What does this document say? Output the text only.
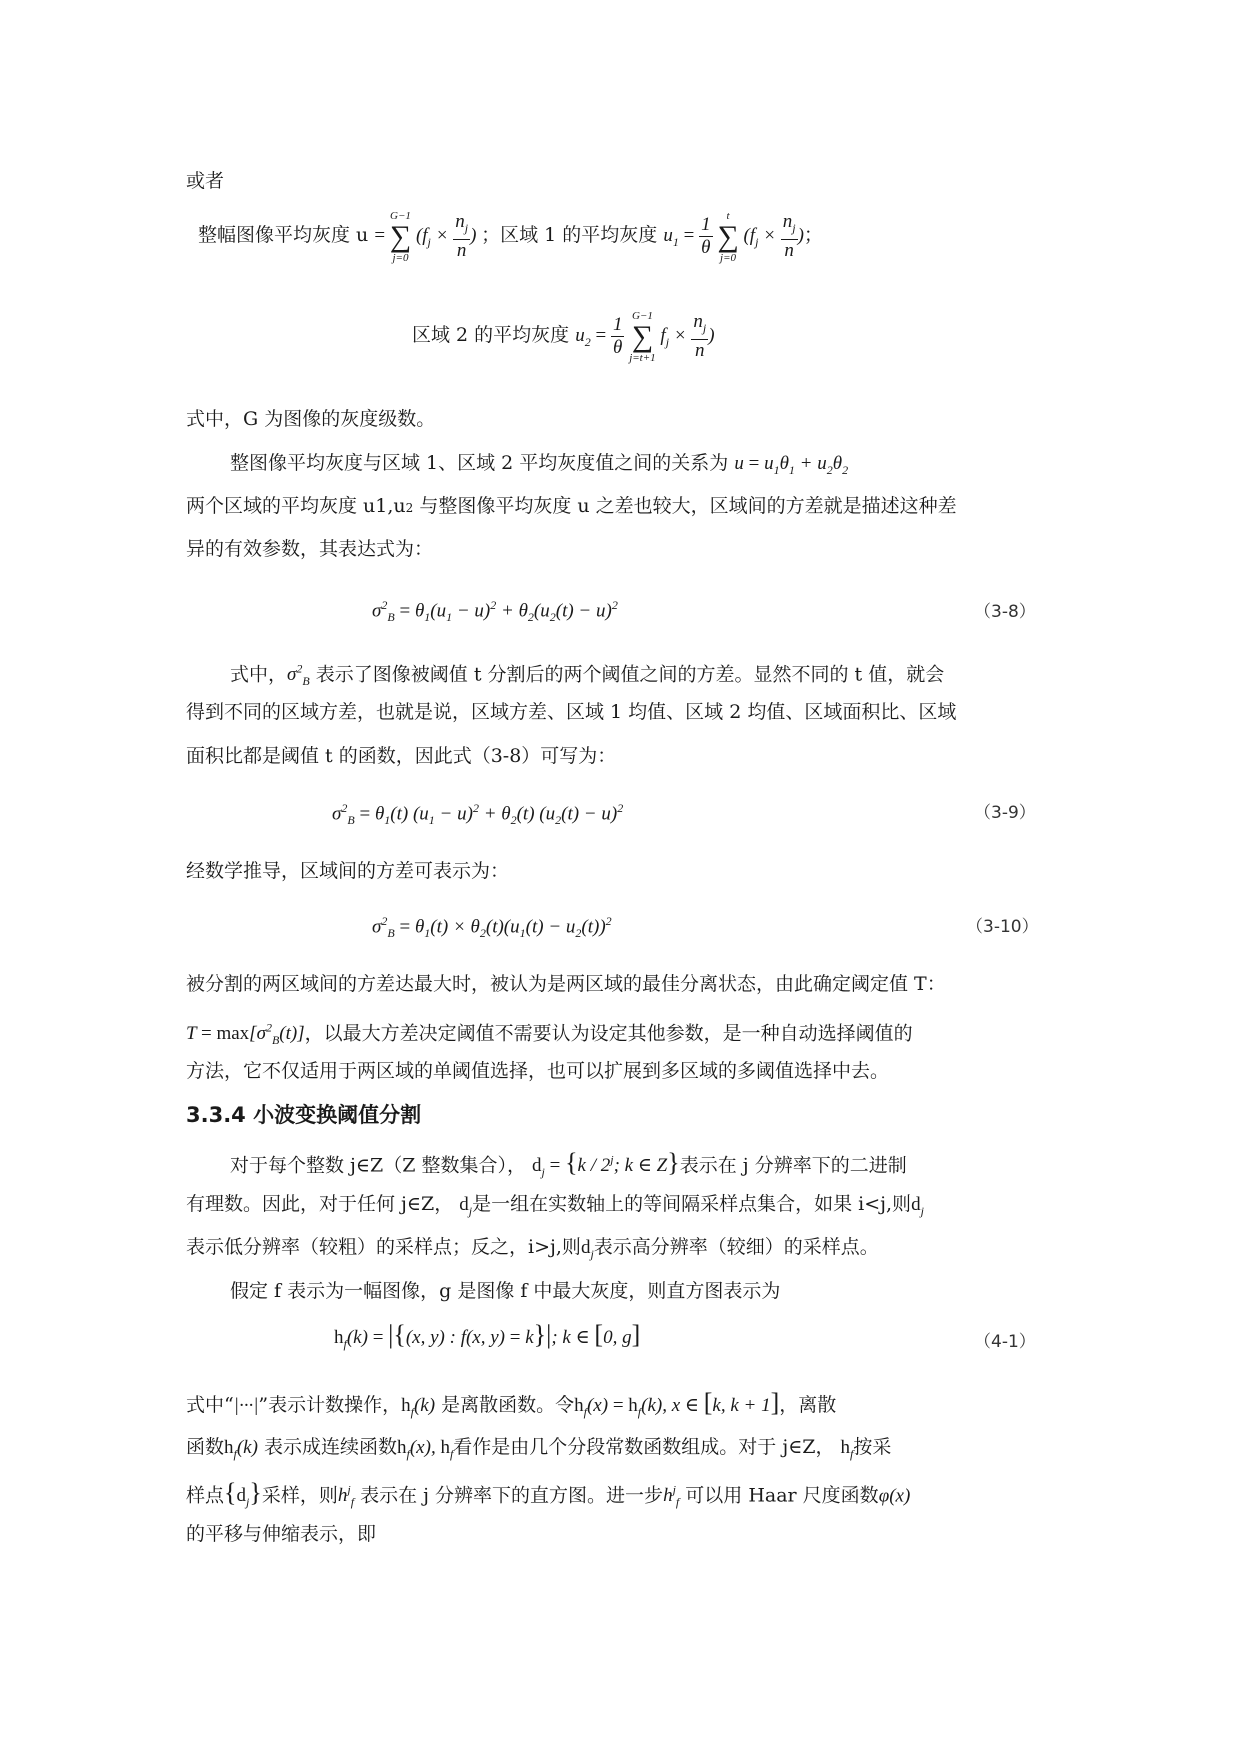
或者
整幅图像平均灰度 u = G−1
∑
j=0 ($f_j \times \frac{n_j}{n}$ ) ；区域 1 的平均灰度 $u_1 = \frac{1}{\theta}$ t
∑
j=0 ($f_j \times \frac{n_j}{n}$ )；
区域 2 的平均灰度 $u_2 = \frac{1}{\theta} G-1$
∑
j=t+1 $f_j \times \frac{n_j}{n}$ )
式中，G 为图像的灰度级数。
整图像平均灰度与区域 1、区域 2 平均灰度值之间的关系为 $u = u_1\theta_1 + u_2\theta_2$
两个区域的平均灰度 u1,u2 与整图像平均灰度 u 之差也较大，区域间的方差就是描述这种差
异的有效参数，其表达式为：
$\sigma^2_B = \theta_1(u_1 - u)^2 + \theta_2(u_2(t) - u)^2$	（3-8）
式中，$\sigma^2_B$ 表示了图像被阈值 t 分割后的两个阈值之间的方差。显然不同的 t 值，就会
得到不同的区域方差，也就是说，区域方差、区域 1 均值、区域 2 均值、区域面积比、区域
面积比都是阈值 t 的函数，因此式（3-8）可写为：
$\sigma^2_B = \theta_1(t) (u_1 - u)^2 + \theta_2(t) (u_2(t) - u)^2$	（3-9）
经数学推导，区域间的方差可表示为：
$\sigma^2_B = \theta_1(t) \times \theta_2(t)(u_1(t) - u_2(t))^2$	（3-10）
被分割的两区域间的方差达最大时，被认为是两区域的最佳分离状态，由此确定阈定值 T：
$T = \max[\sigma^2_B(t)]$，以最大方差决定阈值不需要认为设定其他参数，是一种自动选择阈值的
方法，它不仅适用于两区域的单阈值选择，也可以扩展到多区域的多阈值选择中去。
3.3.4 小波变换阈值分割
对于每个整数 j∈Z（Z 整数集合）， $d_j = \{k / 2^j$; k ∈ Z}表示在 j 分辨率下的二进制
有理数。因此，对于任何 j∈Z， $d_j$是一组在实数轴上的等间隔采样点集合，如果 i<j,则$d_j$
表示低分辨率（较粗）的采样点；反之，i>j,则$d_j$表示高分辨率（较细）的采样点。
假定 f 表示为一幅图像，g 是图像 f 中最大灰度，则直方图表示为
$h_f(k) = |\{(x$, y) : f(x, y) = k}|; k ∈ [0, g]	（4-1）
式中“|···|”表示计数操作，$h_f(k)$ 是离散函数。令$h_f(x) = h_f(k)$, x ∈ [k, k + 1]，离散
函数$h_f(k)$ 表示成连续函数$h_f(x)$, $h_f$看作是由几个分段常数函数组成。对于 j∈Z， $h_f$按采
样点$\{d_j\}$采样，则$h^j_f$ 表示在 j 分辨率下的直方图。进一步$h^j_f$ 可以用 Haar 尺度函数φ(x)
的平移与伸缩表示，即
